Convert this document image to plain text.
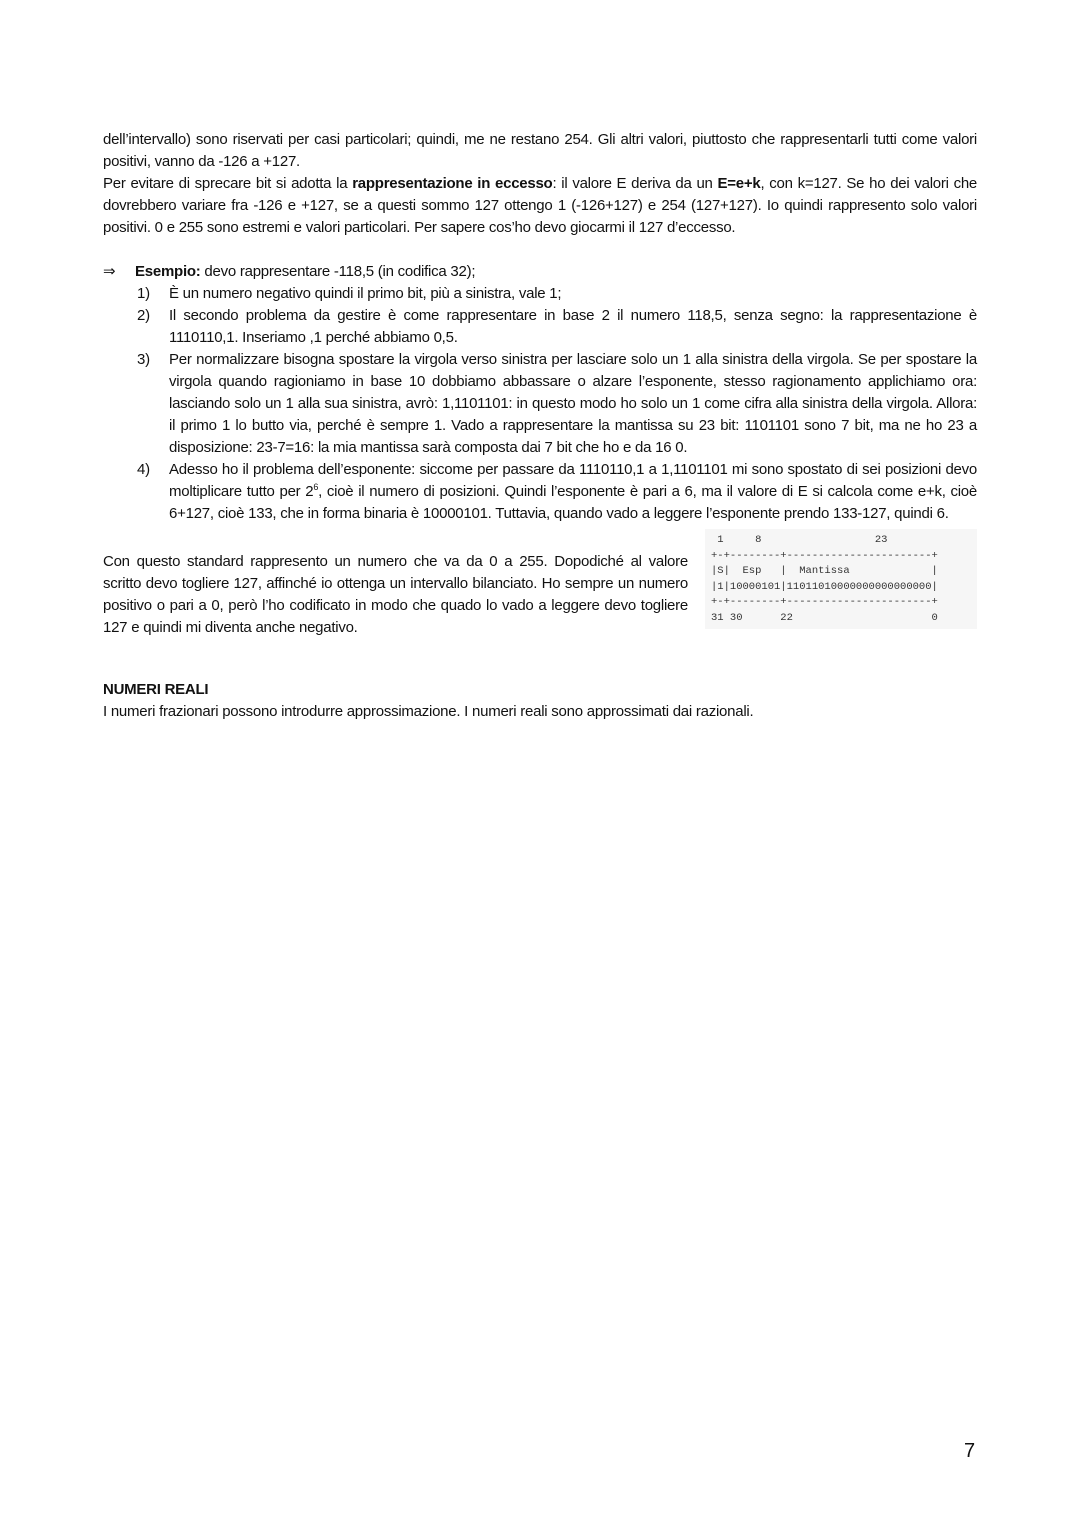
dell’intervallo) sono riservati per casi particolari; quindi, me ne restano 254. Gli altri valori, piuttosto che rappresentarli tutti come valori positivi, vanno da -126 a +127.

Per evitare di sprecare bit si adotta la rappresentazione in eccesso: il valore E deriva da un E=e+k, con k=127. Se ho dei valori che dovrebbero variare fra -126 e +127, se a questi sommo 127 ottengo 1 (-126+127) e 254 (127+127). Io quindi rappresento solo valori positivi. 0 e 255 sono estremi e valori particolari. Per sapere cos’ho devo giocarmi il 127 d’eccesso.

⇒	Esempio: devo rappresentare -118,5 (in codifica 32);
1)	È un numero negativo quindi il primo bit, più a sinistra, vale 1;
2)	Il secondo problema da gestire è come rappresentare in base 2 il numero 118,5, senza segno: la rappresentazione è 1110110,1. Inseriamo ,1 perché abbiamo 0,5.
3)	Per normalizzare bisogna spostare la virgola verso sinistra per lasciare solo un 1 alla sinistra della virgola. Se per spostare la virgola quando ragioniamo in base 10 dobbiamo abbassare o alzare l’esponente, stesso ragionamento applichiamo ora: lasciando solo un 1 alla sua sinistra, avrò: 1,1101101: in questo modo ho solo un 1 come cifra alla sinistra della virgola. Allora: il primo 1 lo butto via, perché è sempre 1. Vado a rappresentare la mantissa su 23 bit: 1101101 sono 7 bit, ma ne ho 23 a disposizione: 23-7=16: la mia mantissa sarà composta dai 7 bit che ho e da 16 0.
4)	Adesso ho il problema dell’esponente: siccome per passare da 1110110,1 a 1,1101101 mi sono spostato di sei posizioni devo moltiplicare tutto per $2^6$, cioè il numero di posizioni. Quindi l’esponente è pari a 6, ma il valore di E si calcola come e+k, cioè 6+127, cioè 133, che in forma binaria è 10000101. Tuttavia, quando vado a leggere l’esponente prendo 133-127, quindi 6.

Con questo standard rappresento un numero che va da 0 a 255. Dopodiché al valore scritto devo togliere 127, affinché io ottenga un intervallo bilanciato. Ho sempre un numero positivo o pari a 0, però l’ho codificato in modo che quado lo vado a leggere devo togliere 127 e quindi mi diventa anche negativo.

1     8                  23
+-+--------+-----------------------+
|S|  Esp   |  Mantissa             |
|1|10000101|11011010000000000000000|
+-+--------+-----------------------+
31 30      22                      0
NUMERI REALI

I numeri frazionari possono introdurre approssimazione. I numeri reali sono approssimati dai razionali.

7
